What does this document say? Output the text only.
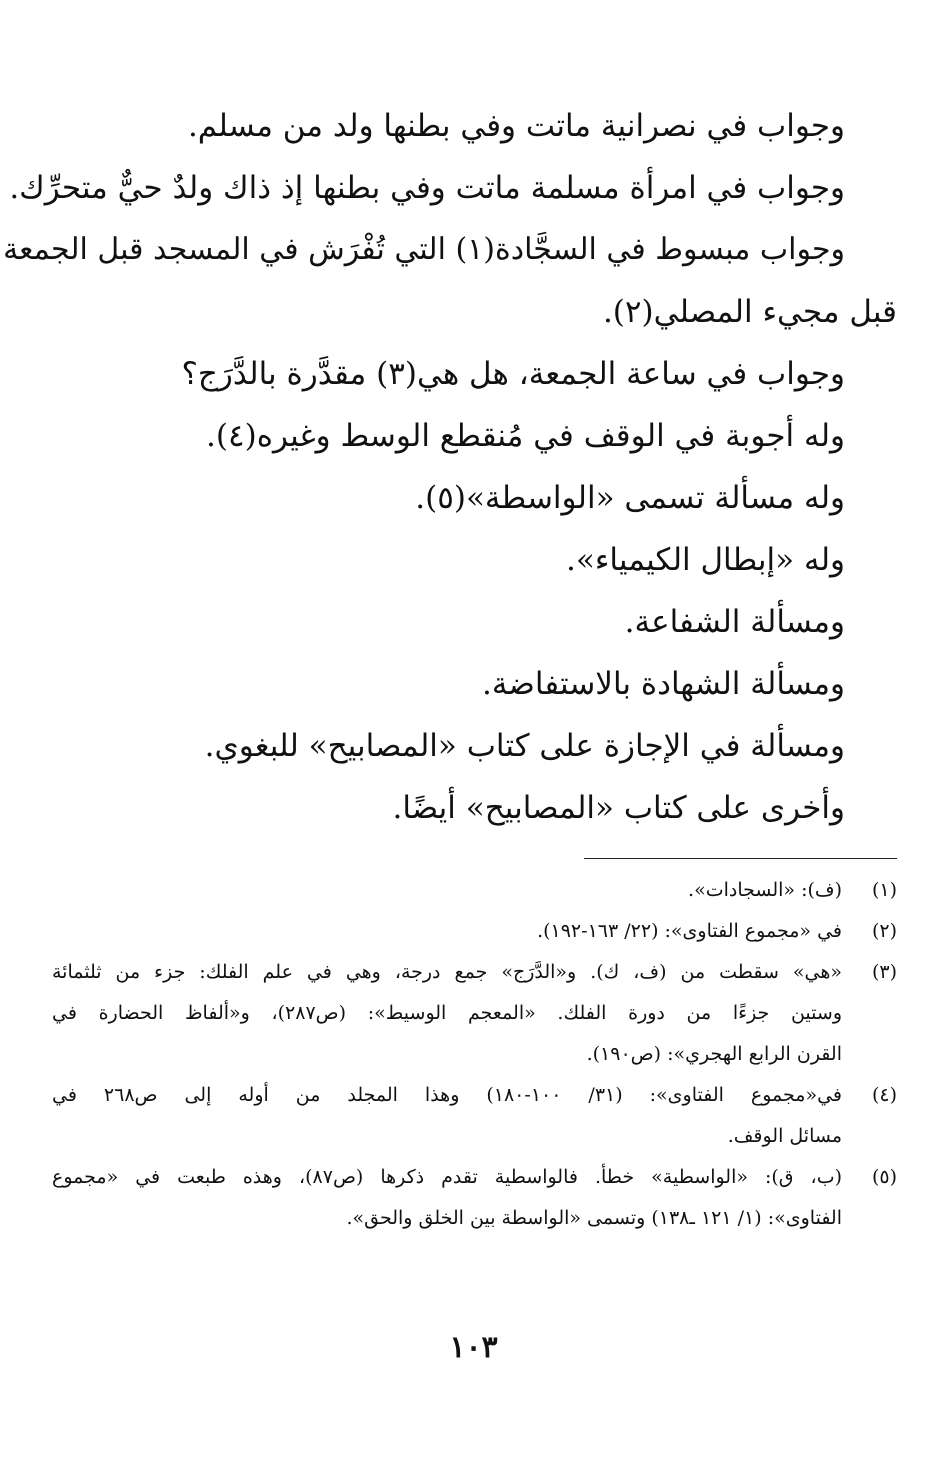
وجواب في نصرانية ماتت وفي بطنها ولد من مسلم.
وجواب في امرأة مسلمة ماتت وفي بطنها إذ ذاك ولدٌ حيٌّ متحرِّك.
وجواب مبسوط في السجَّادة(١) التي تُفْرَش في المسجد قبل الجمعة
قبل مجيء المصلي(٢).
وجواب في ساعة الجمعة، هل هي(٣) مقدَّرة بالدَّرَج؟
وله أجوبة في الوقف في مُنقطع الوسط وغيره(٤).
وله مسألة تسمى «الواسطة»(٥).
وله «إبطال الكيمياء».
ومسألة الشفاعة.
ومسألة الشهادة بالاستفاضة.
ومسألة في الإجازة على كتاب «المصابيح» للبغوي.
وأخرى على كتاب «المصابيح» أيضًا.
(١)
(ف): «السجادات».
(٢)
في «مجموع الفتاوى»: (٢٢/ ١٦٣-١٩٢).
(٣)
«هي» سقطت من (ف، ك). و«الدَّرَج» جمع درجة، وهي في علم الفلك: جزء من ثلثمائة
وستين جزءًا من دورة الفلك. «المعجم الوسيط»: (ص٢٨٧)، و«ألفاظ الحضارة في
القرن الرابع الهجري»: (ص١٩٠).
(٤)
في«مجموع الفتاوى»: (٣١/ ١٠٠-١٨٠) وهذا المجلد من أوله إلى ص٢٦٨ في
مسائل الوقف.
(٥)
(ب، ق): «الواسطية» خطأ. فالواسطية تقدم ذكرها (ص٨٧)، وهذه طبعت في «مجموع
الفتاوى»: (١/ ١٢١ ـ١٣٨) وتسمى «الواسطة بين الخلق والحق».
١٠٣
